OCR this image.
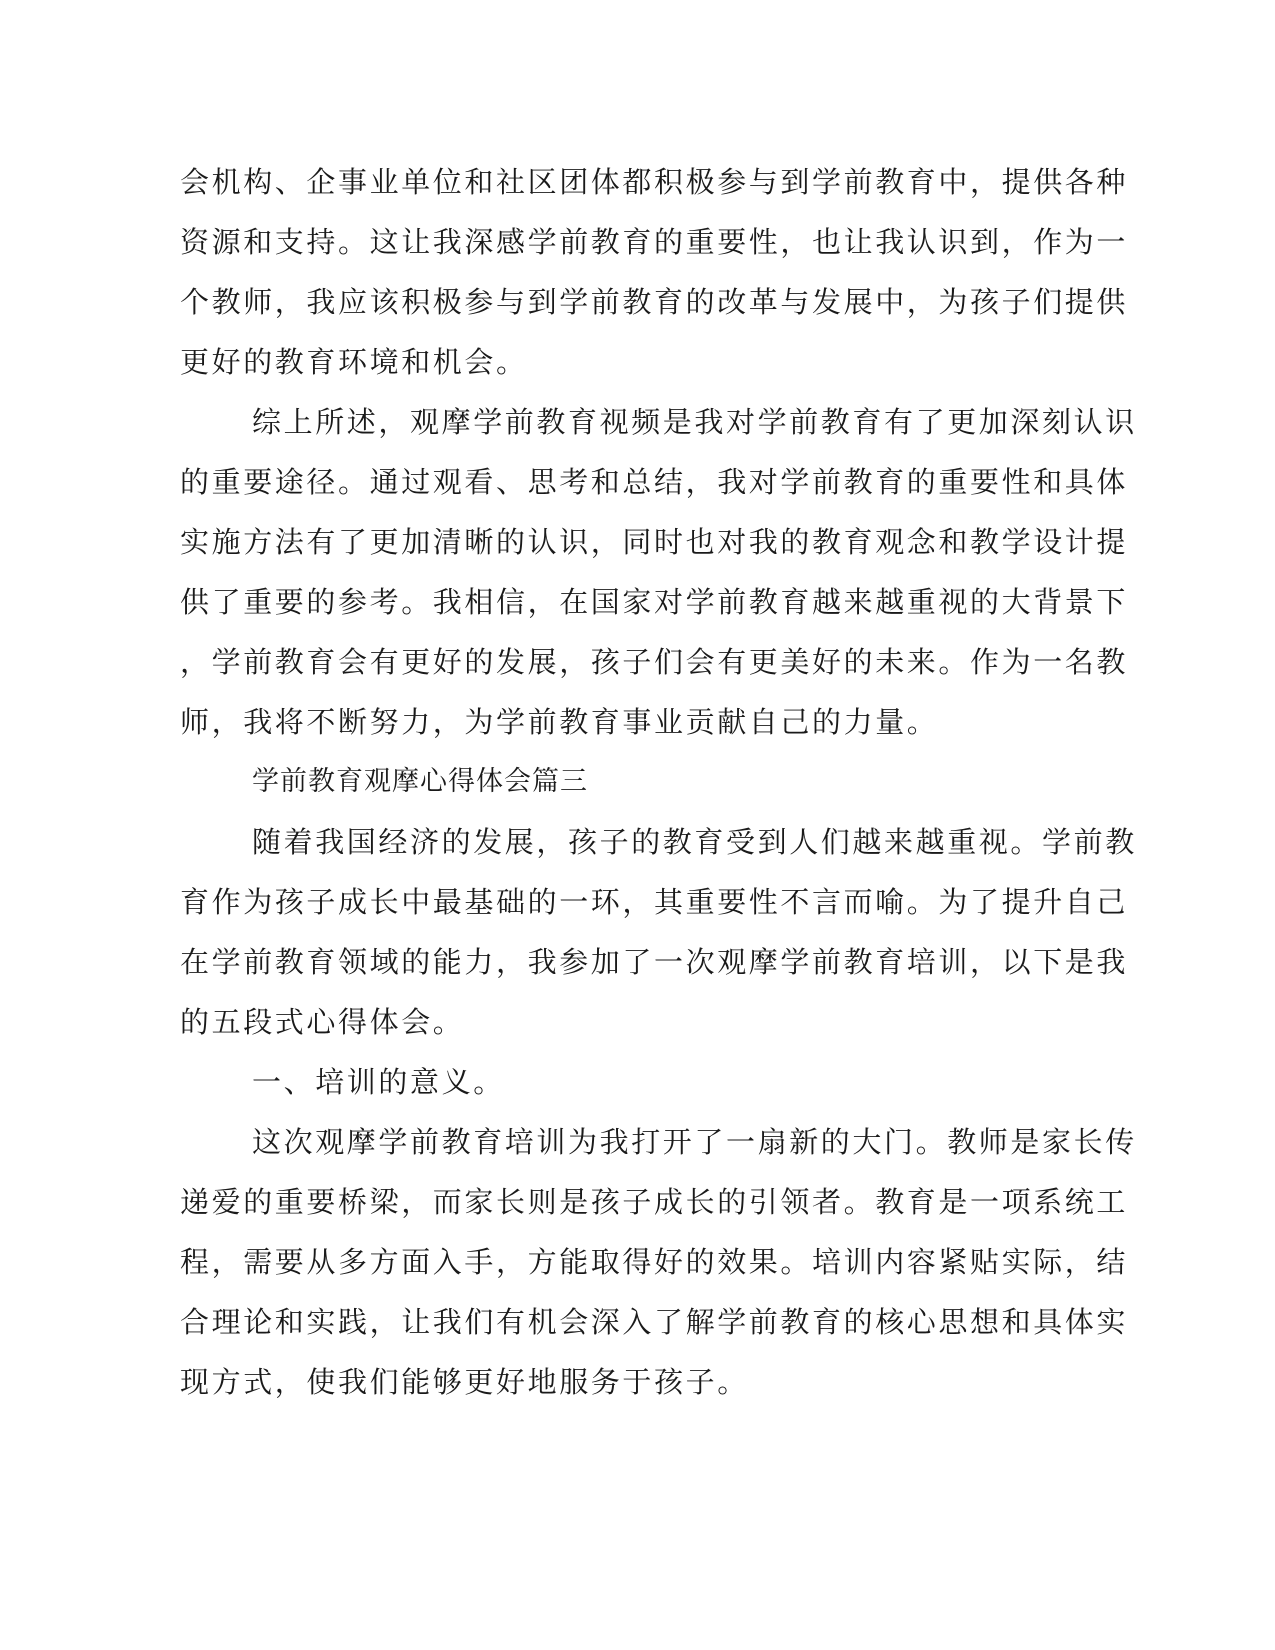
会机构、企事业单位和社区团体都积极参与到学前教育中，提供各种
资源和支持。这让我深感学前教育的重要性，也让我认识到，作为一
个教师，我应该积极参与到学前教育的改革与发展中，为孩子们提供
更好的教育环境和机会。
综上所述，观摩学前教育视频是我对学前教育有了更加深刻认识
的重要途径。通过观看、思考和总结，我对学前教育的重要性和具体
实施方法有了更加清晰的认识，同时也对我的教育观念和教学设计提
供了重要的参考。我相信，在国家对学前教育越来越重视的大背景下
，学前教育会有更好的发展，孩子们会有更美好的未来。作为一名教
师，我将不断努力，为学前教育事业贡献自己的力量。
学前教育观摩心得体会篇三
随着我国经济的发展，孩子的教育受到人们越来越重视。学前教
育作为孩子成长中最基础的一环，其重要性不言而喻。为了提升自己
在学前教育领域的能力，我参加了一次观摩学前教育培训，以下是我
的五段式心得体会。
一、培训的意义。
这次观摩学前教育培训为我打开了一扇新的大门。教师是家长传
递爱的重要桥梁，而家长则是孩子成长的引领者。教育是一项系统工
程，需要从多方面入手，方能取得好的效果。培训内容紧贴实际，结
合理论和实践，让我们有机会深入了解学前教育的核心思想和具体实
现方式，使我们能够更好地服务于孩子。
